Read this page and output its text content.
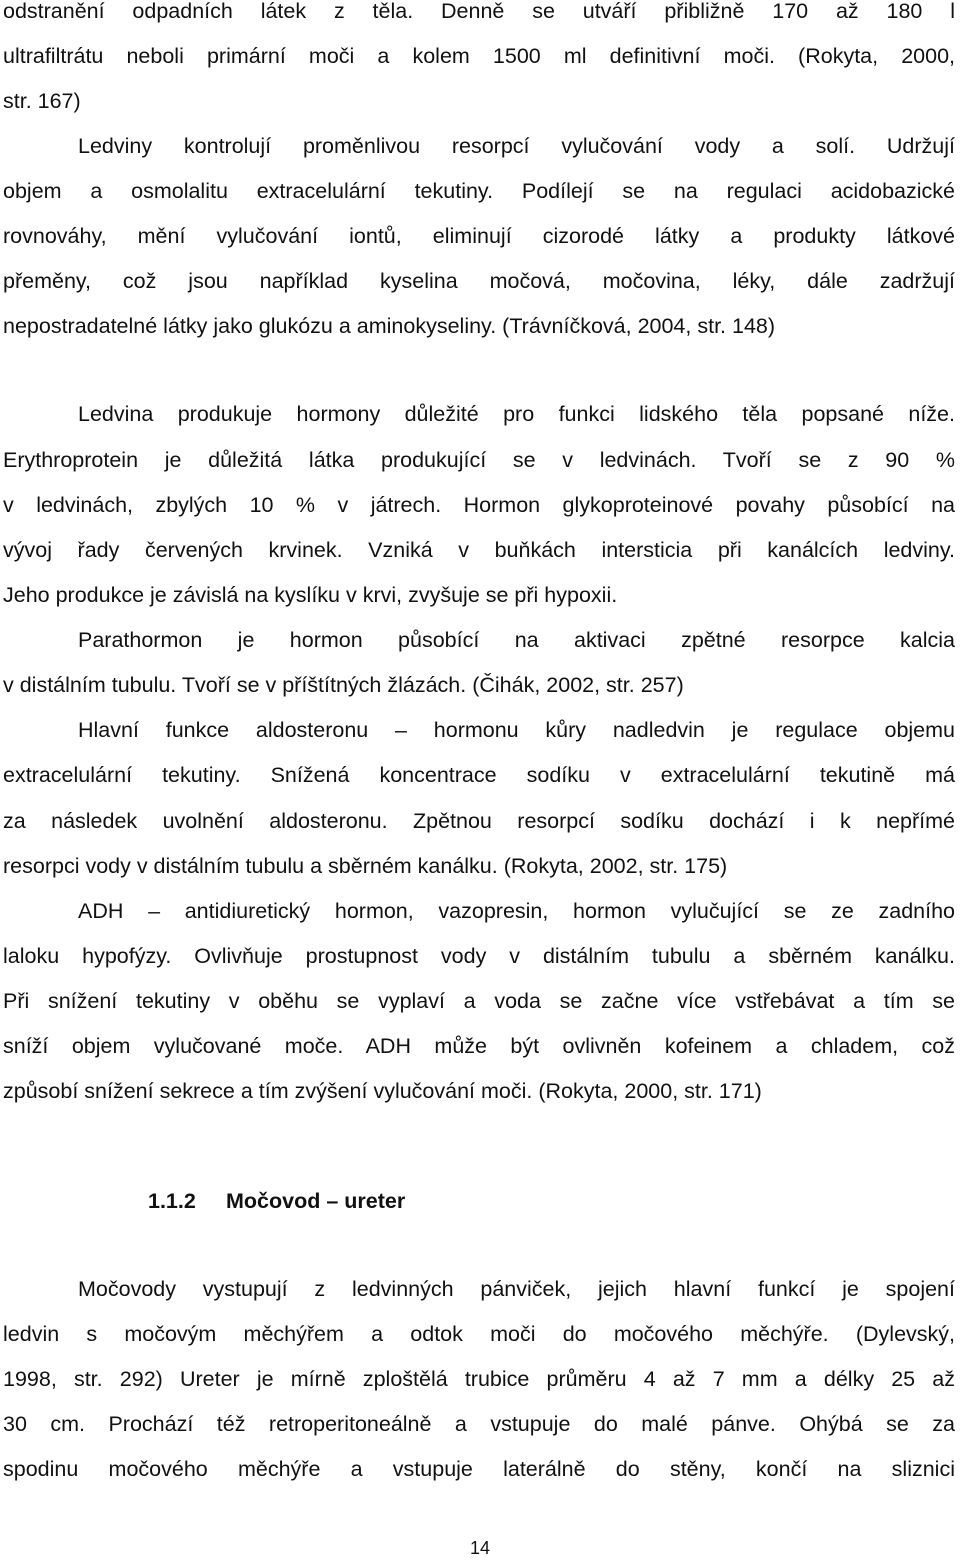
odstranění odpadních látek z těla. Denně se utváří přibližně 170 až 180 l
ultrafiltrátu neboli primární moči a kolem 1500 ml definitivní moči. (Rokyta, 2000,
str. 167)
Ledviny kontrolují proměnlivou resorpcí vylučování vody a solí. Udržují
objem a osmolalitu extracelulární tekutiny. Podílejí se na regulaci acidobazické
rovnováhy, mění vylučování iontů, eliminují cizorodé látky a produkty látkové
přeměny, což jsou například kyselina močová, močovina, léky, dále zadržují
nepostradatelné látky jako glukózu a aminokyseliny. (Trávníčková, 2004, str. 148)
Ledvina produkuje hormony důležité pro funkci lidského těla popsané níže.
Erythroprotein je důležitá látka produkující se v ledvinách. Tvoří se z 90 %
v ledvinách, zbylých 10 % v játrech. Hormon glykoproteinové povahy působící na
vývoj řady červených krvinek. Vzniká v buňkách intersticia při kanálcích ledviny.
Jeho produkce je závislá na kyslíku v krvi, zvyšuje se při hypoxii.
Parathormon je hormon působící na aktivaci zpětné resorpce kalcia
v distálním tubulu. Tvoří se v příštítných žlázách. (Čihák, 2002, str. 257)
Hlavní funkce aldosteronu – hormonu kůry nadledvin je regulace objemu
extracelulární tekutiny. Snížená koncentrace sodíku v extracelulární tekutině má
za následek uvolnění aldosteronu. Zpětnou resorpcí sodíku dochází i k nepřímé
resorpci vody v distálním tubulu a sběrném kanálku. (Rokyta, 2002, str. 175)
ADH – antidiuretický hormon, vazopresin, hormon vylučující se ze zadního
laloku hypofýzy. Ovlivňuje prostupnost vody v distálním tubulu a sběrném kanálku.
Při snížení tekutiny v oběhu se vyplaví a voda se začne více vstřebávat a tím se
sníží objem vylučované moče. ADH může být ovlivněn kofeinem a chladem, což
způsobí snížení sekrece a tím zvýšení vylučování moči. (Rokyta, 2000, str. 171)
1.1.2 Močovod – ureter
Močovody vystupují z ledvinných pánviček, jejich hlavní funkcí je spojení
ledvin s močovým měchýřem a odtok moči do močového měchýře. (Dylevský,
1998, str. 292) Ureter je mírně zploštělá trubice průměru 4 až 7 mm a délky 25 až
30 cm. Prochází též retroperitoneálně a vstupuje do malé pánve. Ohýbá se za
spodinu močového měchýře a vstupuje laterálně do stěny, končí na sliznici
14
